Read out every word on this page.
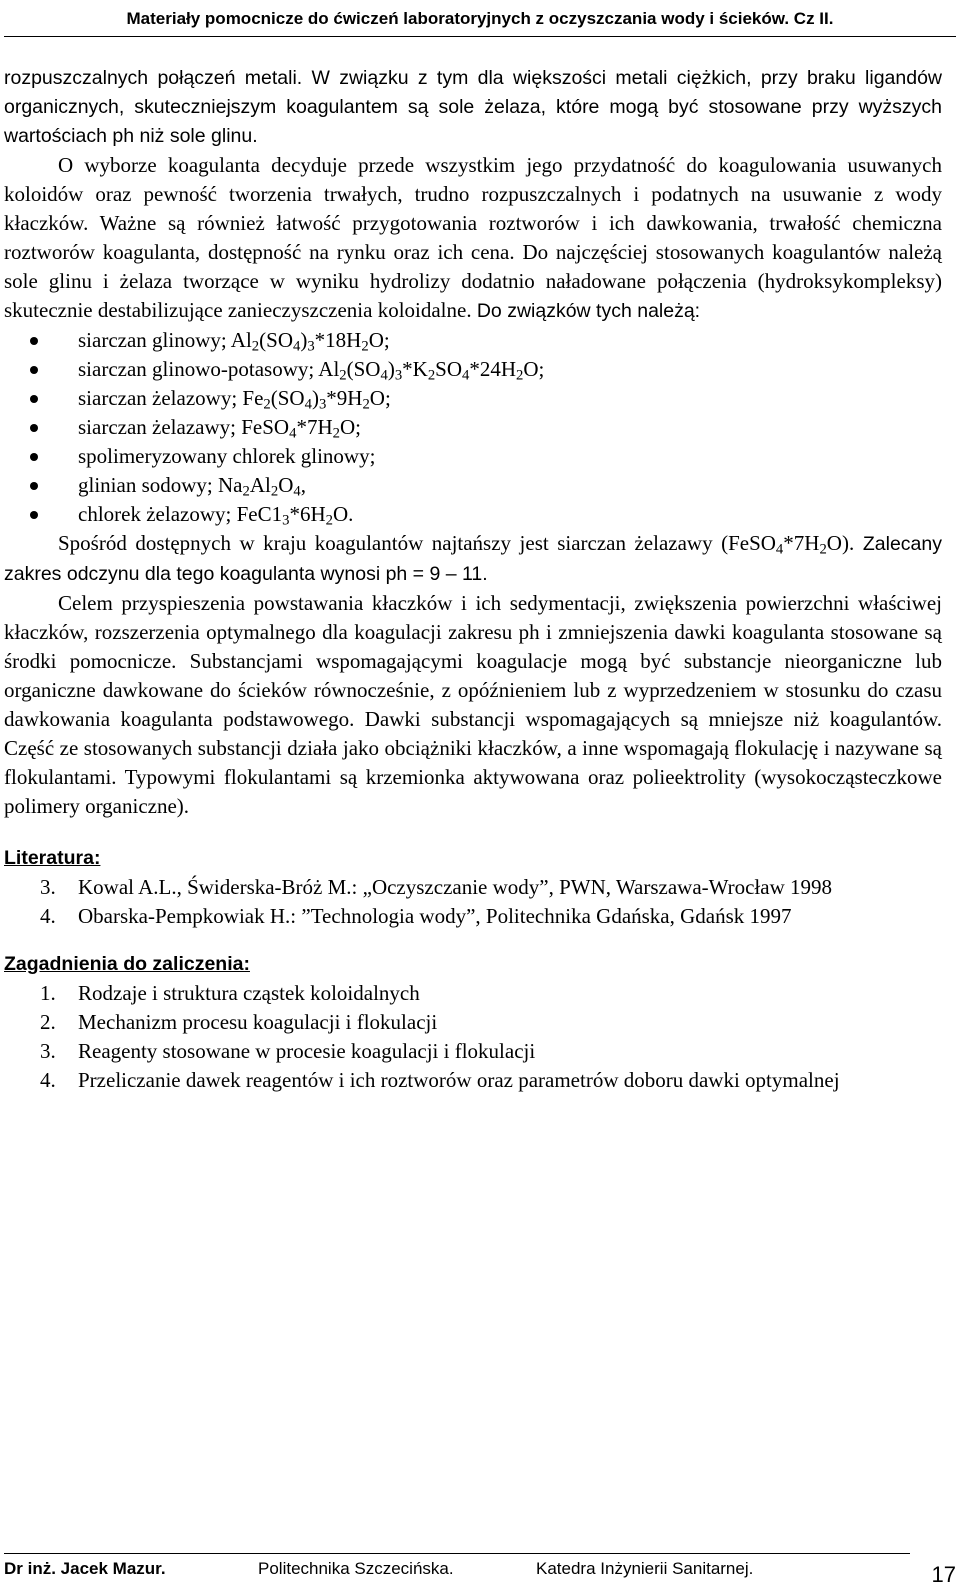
Materiały pomocnicze do ćwiczeń laboratoryjnych z oczyszczania wody i ścieków. Cz II.

rozpuszczalnych połączeń metali. W związku z tym dla większości metali ciężkich, przy braku ligandów organicznych, skuteczniejszym koagulantem są sole żelaza, które mogą być stosowane przy wyższych wartościach ph niż sole glinu.

O wyborze koagulanta decyduje przede wszystkim jego przydatność do koagulowania usuwanych koloidów oraz pewność tworzenia trwałych, trudno rozpuszczalnych i podatnych na usuwanie z wody kłaczków. Ważne są również łatwość przygotowania roztworów i ich dawkowania, trwałość chemiczna roztworów koagulanta, dostępność na rynku oraz ich cena. Do najczęściej stosowanych koagulantów należą sole glinu i żelaza tworzące w wyniku hydrolizy dodatnio naładowane połączenia (hydroksykompleksy) skutecznie destabilizujące zanieczyszczenia koloidalne. Do związków tych należą:

siarczan glinowy; $Al_2(SO_4)_3*18H_2O$;
siarczan glinowo-potasowy; $Al_2(SO_4)_3*K_2SO_4*24H_2O$;
siarczan żelazowy; $Fe_2(SO_4)_3*9H_2O$;
siarczan żelazawy; $FeSO_4*7H_2O$;
spolimeryzowany chlorek glinowy;
glinian sodowy; $Na_2Al_2O_4$,
chlorek żelazowy; $FeC1_3*6H_2O$.

Spośród dostępnych w kraju koagulantów najtańszy jest siarczan żelazawy $(FeSO_4*7H_2O)$. Zalecany zakres odczynu dla tego koagulanta wynosi ph = 9 – 11.

Celem przyspieszenia powstawania kłaczków i ich sedymentacji, zwiększenia powierzchni właściwej kłaczków, rozszerzenia optymalnego dla koagulacji zakresu ph i zmniejszenia dawki koagulanta stosowane są środki pomocnicze. Substancjami wspomagającymi koagulacje mogą być substancje nieorganiczne lub organiczne dawkowane do ścieków równocześnie, z opóźnieniem lub z wyprzedzeniem w stosunku do czasu dawkowania koagulanta podstawowego. Dawki substancji wspomagających są mniejsze niż koagulantów. Część ze stosowanych substancji działa jako obciążniki kłaczków, a inne wspomagają flokulację i nazywane są flokulantami. Typowymi flokulantami są krzemionka aktywowana oraz polieektrolity (wysokocząsteczkowe polimery organiczne).

Literatura:

3. Kowal A.L., Świderska-Bróż M.: „Oczyszczanie wody”, PWN, Warszawa-Wrocław 1998
4. Obarska-Pempkowiak H.: ”Technologia wody”, Politechnika Gdańska, Gdańsk 1997

Zagadnienia do zaliczenia:

1. Rodzaje i struktura cząstek koloidalnych
2. Mechanizm procesu koagulacji i flokulacji
3. Reagenty stosowane w procesie koagulacji i flokulacji
4. Przeliczanie dawek reagentów i ich roztworów oraz parametrów doboru dawki optymalnej
Dr inż. Jacek Mazur.	Politechnika Szczecińska.	Katedra Inżynierii Sanitarnej.	17
